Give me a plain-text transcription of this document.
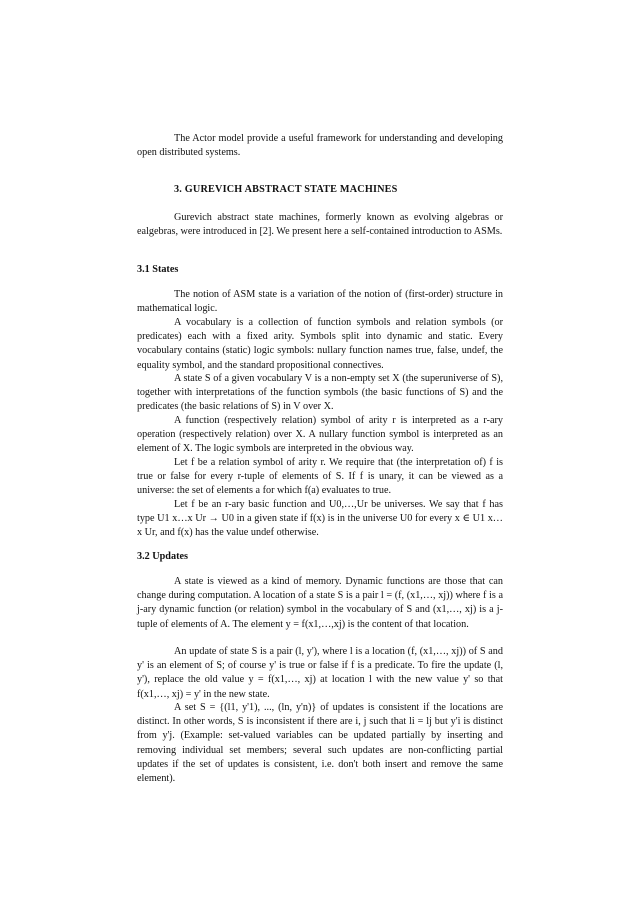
The Actor model provide a useful framework for understanding and developing open distributed systems.

3. GUREVICH ABSTRACT STATE MACHINES

Gurevich abstract state machines, formerly known as evolving algebras or ealgebras, were introduced in [2]. We present here a self-contained introduction to ASMs.

3.1 States

The notion of ASM state is a variation of the notion of (first-order) structure in mathematical logic.

A vocabulary is a collection of function symbols and relation symbols (or predicates) each with a fixed arity. Symbols split into dynamic and static. Every vocabulary contains (static) logic symbols: nullary function names true, false, undef, the equality symbol, and the standard propositional connectives.

A state S of a given vocabulary V is a non-empty set X (the superuniverse of S), together with interpretations of the function symbols (the basic functions of S) and the predicates (the basic relations of S) in V over X.

A function (respectively relation) symbol of arity r is interpreted as a r-ary operation (respectively relation) over X. A nullary function symbol is interpreted as an element of X. The logic symbols are interpreted in the obvious way.

Let f be a relation symbol of arity r. We require that (the interpretation of) f is true or false for every r-tuple of elements of S. If f is unary, it can be viewed as a universe: the set of elements a for which f(a) evaluates to true.

Let f be an r-ary basic function and U0,…,Ur be universes. We say that f has type U1 x…x Ur → U0 in a given state if f(x) is in the universe U0 for every x ∈ U1 x…x Ur, and f(x) has the value undef otherwise.

3.2 Updates

A state is viewed as a kind of memory. Dynamic functions are those that can change during computation. A location of a state S is a pair l = (f, (x1,…, xj)) where f is a j-ary dynamic function (or relation) symbol in the vocabulary of S and (x1,…, xj) is a j-tuple of elements of A. The element y = f(x1,…,xj) is the content of that location.

An update of state S is a pair (l, y'), where l is a location (f, (x1,…, xj)) of S and y' is an element of S; of course y' is true or false if f is a predicate. To fire the update (l, y'), replace the old value y = f(x1,…, xj) at location l with the new value y' so that f(x1,…, xj) = y' in the new state.

A set S = {(l1, y'1), ..., (ln, y'n)} of updates is consistent if the locations are distinct. In other words, S is inconsistent if there are i, j such that li = lj but y'i is distinct from y'j. (Example: set-valued variables can be updated partially by inserting and removing individual set members; several such updates are non-conflicting partial updates if the set of updates is consistent, i.e. don't both insert and remove the same element).
